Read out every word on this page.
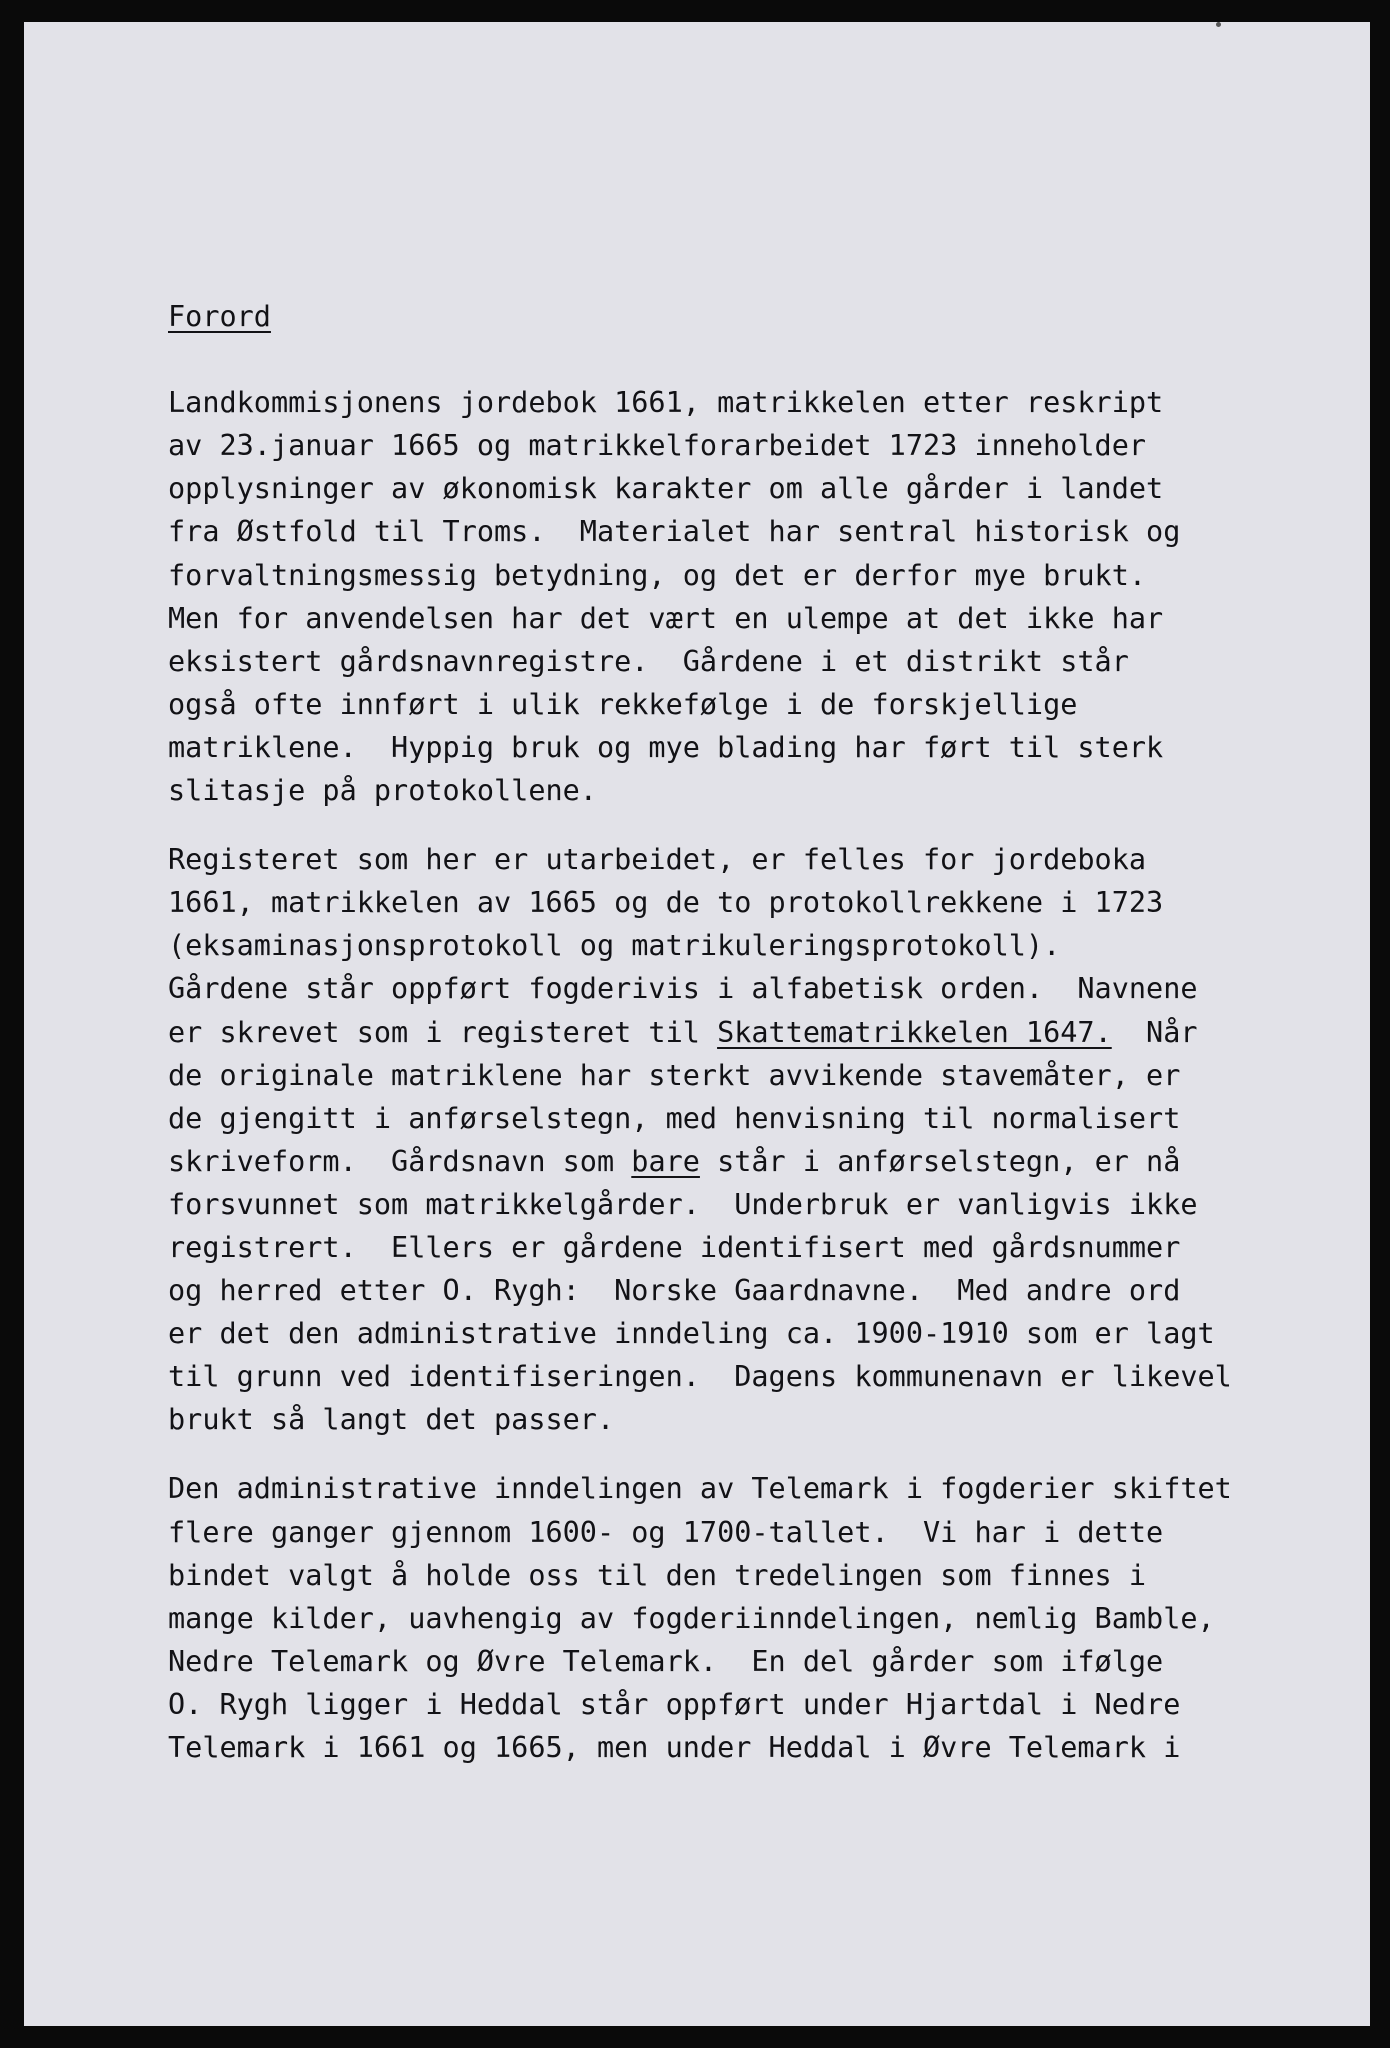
Forord
Landkommisjonens jordebok 1661, matrikkelen etter reskript
av 23.januar 1665 og matrikkelforarbeidet 1723 inneholder
opplysninger av økonomisk karakter om alle gårder i landet
fra Østfold til Troms.  Materialet har sentral historisk og
forvaltningsmessig betydning, og det er derfor mye brukt.
Men for anvendelsen har det vært en ulempe at det ikke har
eksistert gårdsnavnregistre.  Gårdene i et distrikt står
også ofte innført i ulik rekkefølge i de forskjellige
matriklene.  Hyppig bruk og mye blading har ført til sterk
slitasje på protokollene.
Registeret som her er utarbeidet, er felles for jordeboka
1661, matrikkelen av 1665 og de to protokollrekkene i 1723
(eksaminasjonsprotokoll og matrikuleringsprotokoll).
Gårdene står oppført fogderivis i alfabetisk orden.  Navnene
er skrevet som i registeret til Skattematrikkelen 1647.  Når
de originale matriklene har sterkt avvikende stavemåter, er
de gjengitt i anførselstegn, med henvisning til normalisert
skriveform.  Gårdsnavn som bare står i anførselstegn, er nå
forsvunnet som matrikkelgårder.  Underbruk er vanligvis ikke
registrert.  Ellers er gårdene identifisert med gårdsnummer
og herred etter O. Rygh:  Norske Gaardnavne.  Med andre ord
er det den administrative inndeling ca. 1900-1910 som er lagt
til grunn ved identifiseringen.  Dagens kommunenavn er likevel
brukt så langt det passer.
Den administrative inndelingen av Telemark i fogderier skiftet
flere ganger gjennom 1600- og 1700-tallet.  Vi har i dette
bindet valgt å holde oss til den tredelingen som finnes i
mange kilder, uavhengig av fogderiinndelingen, nemlig Bamble,
Nedre Telemark og Øvre Telemark.  En del gårder som ifølge
O. Rygh ligger i Heddal står oppført under Hjartdal i Nedre
Telemark i 1661 og 1665, men under Heddal i Øvre Telemark i
